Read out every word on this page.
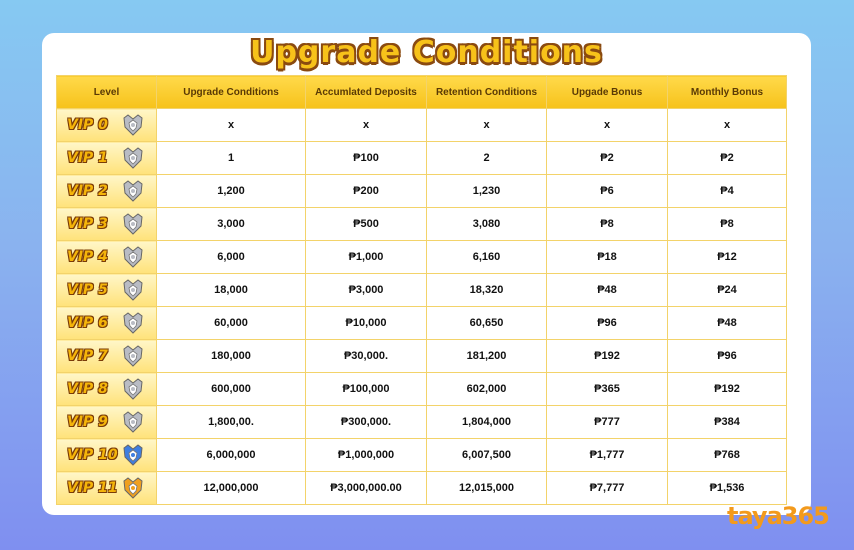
Upgrade Conditions
Level	Upgrade Conditions	Accumlated Deposits	Retention Conditions	Upgade Bonus	Monthly Bonus

VIP 0	x	x	x	x	x

VIP 1	1	₱100	2	₱2	₱2

VIP 2	1,200	₱200	1,230	₱6	₱4

VIP 3	3,000	₱500	3,080	₱8	₱8

VIP 4	6,000	₱1,000	6,160	₱18	₱12

VIP 5	18,000	₱3,000	18,320	₱48	₱24

VIP 6	60,000	₱10,000	60,650	₱96	₱48

VIP 7	180,000	₱30,000.	181,200	₱192	₱96

VIP 8	600,000	₱100,000	602,000	₱365	₱192

VIP 9	1,800,00.	₱300,000.	1,804,000	₱777	₱384

VIP 10	6,000,000	₱1,000,000	6,007,500	₱1,777	₱768

VIP 11	12,000,000	₱3,000,000.00	12,015,000	₱7,777	₱1,536
taya365
